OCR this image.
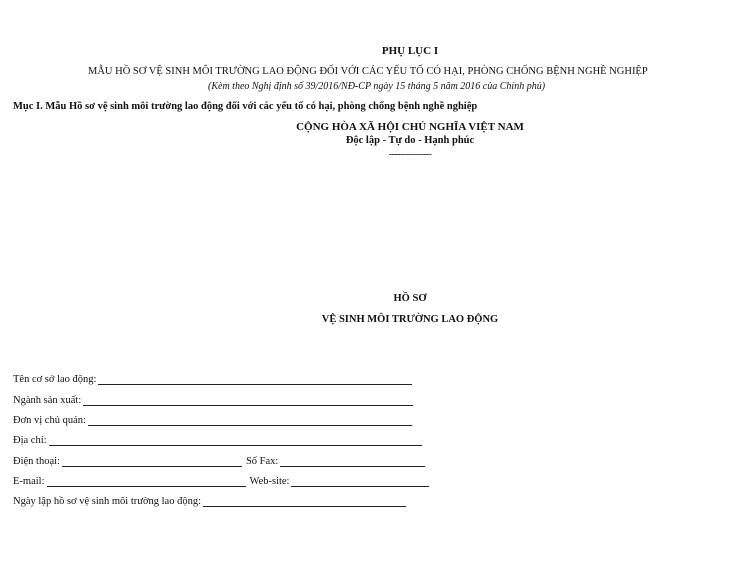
PHỤ LỤC I
MẪU HỒ SƠ VỆ SINH MÔI TRƯỜNG LAO ĐỘNG ĐỐI VỚI CÁC YẾU TỐ CÓ HẠI, PHÒNG CHỐNG BỆNH NGHỀ NGHIỆP
(Kèm theo Nghị định số 39/2016/NĐ-CP ngày 15 tháng 5 năm 2016 của Chính phủ)
Mục I. Mẫu Hồ sơ vệ sinh môi trường lao động đối với các yếu tố có hại, phòng chống bệnh nghề nghiệp
CỘNG HÒA XÃ HỘI CHỦ NGHĨA VIỆT NAM
Độc lập - Tự do - Hạnh phúc
---------------
HỒ SƠ
VỆ SINH MÔI TRƯỜNG LAO ĐỘNG
Tên cơ sở lao động:
Ngành sản xuất:
Đơn vị chủ quản:
Địa chỉ:
Điện thoại:	Số Fax:
E-mail:	Web-site:
Ngày lập hồ sơ vệ sinh môi trường lao động:
